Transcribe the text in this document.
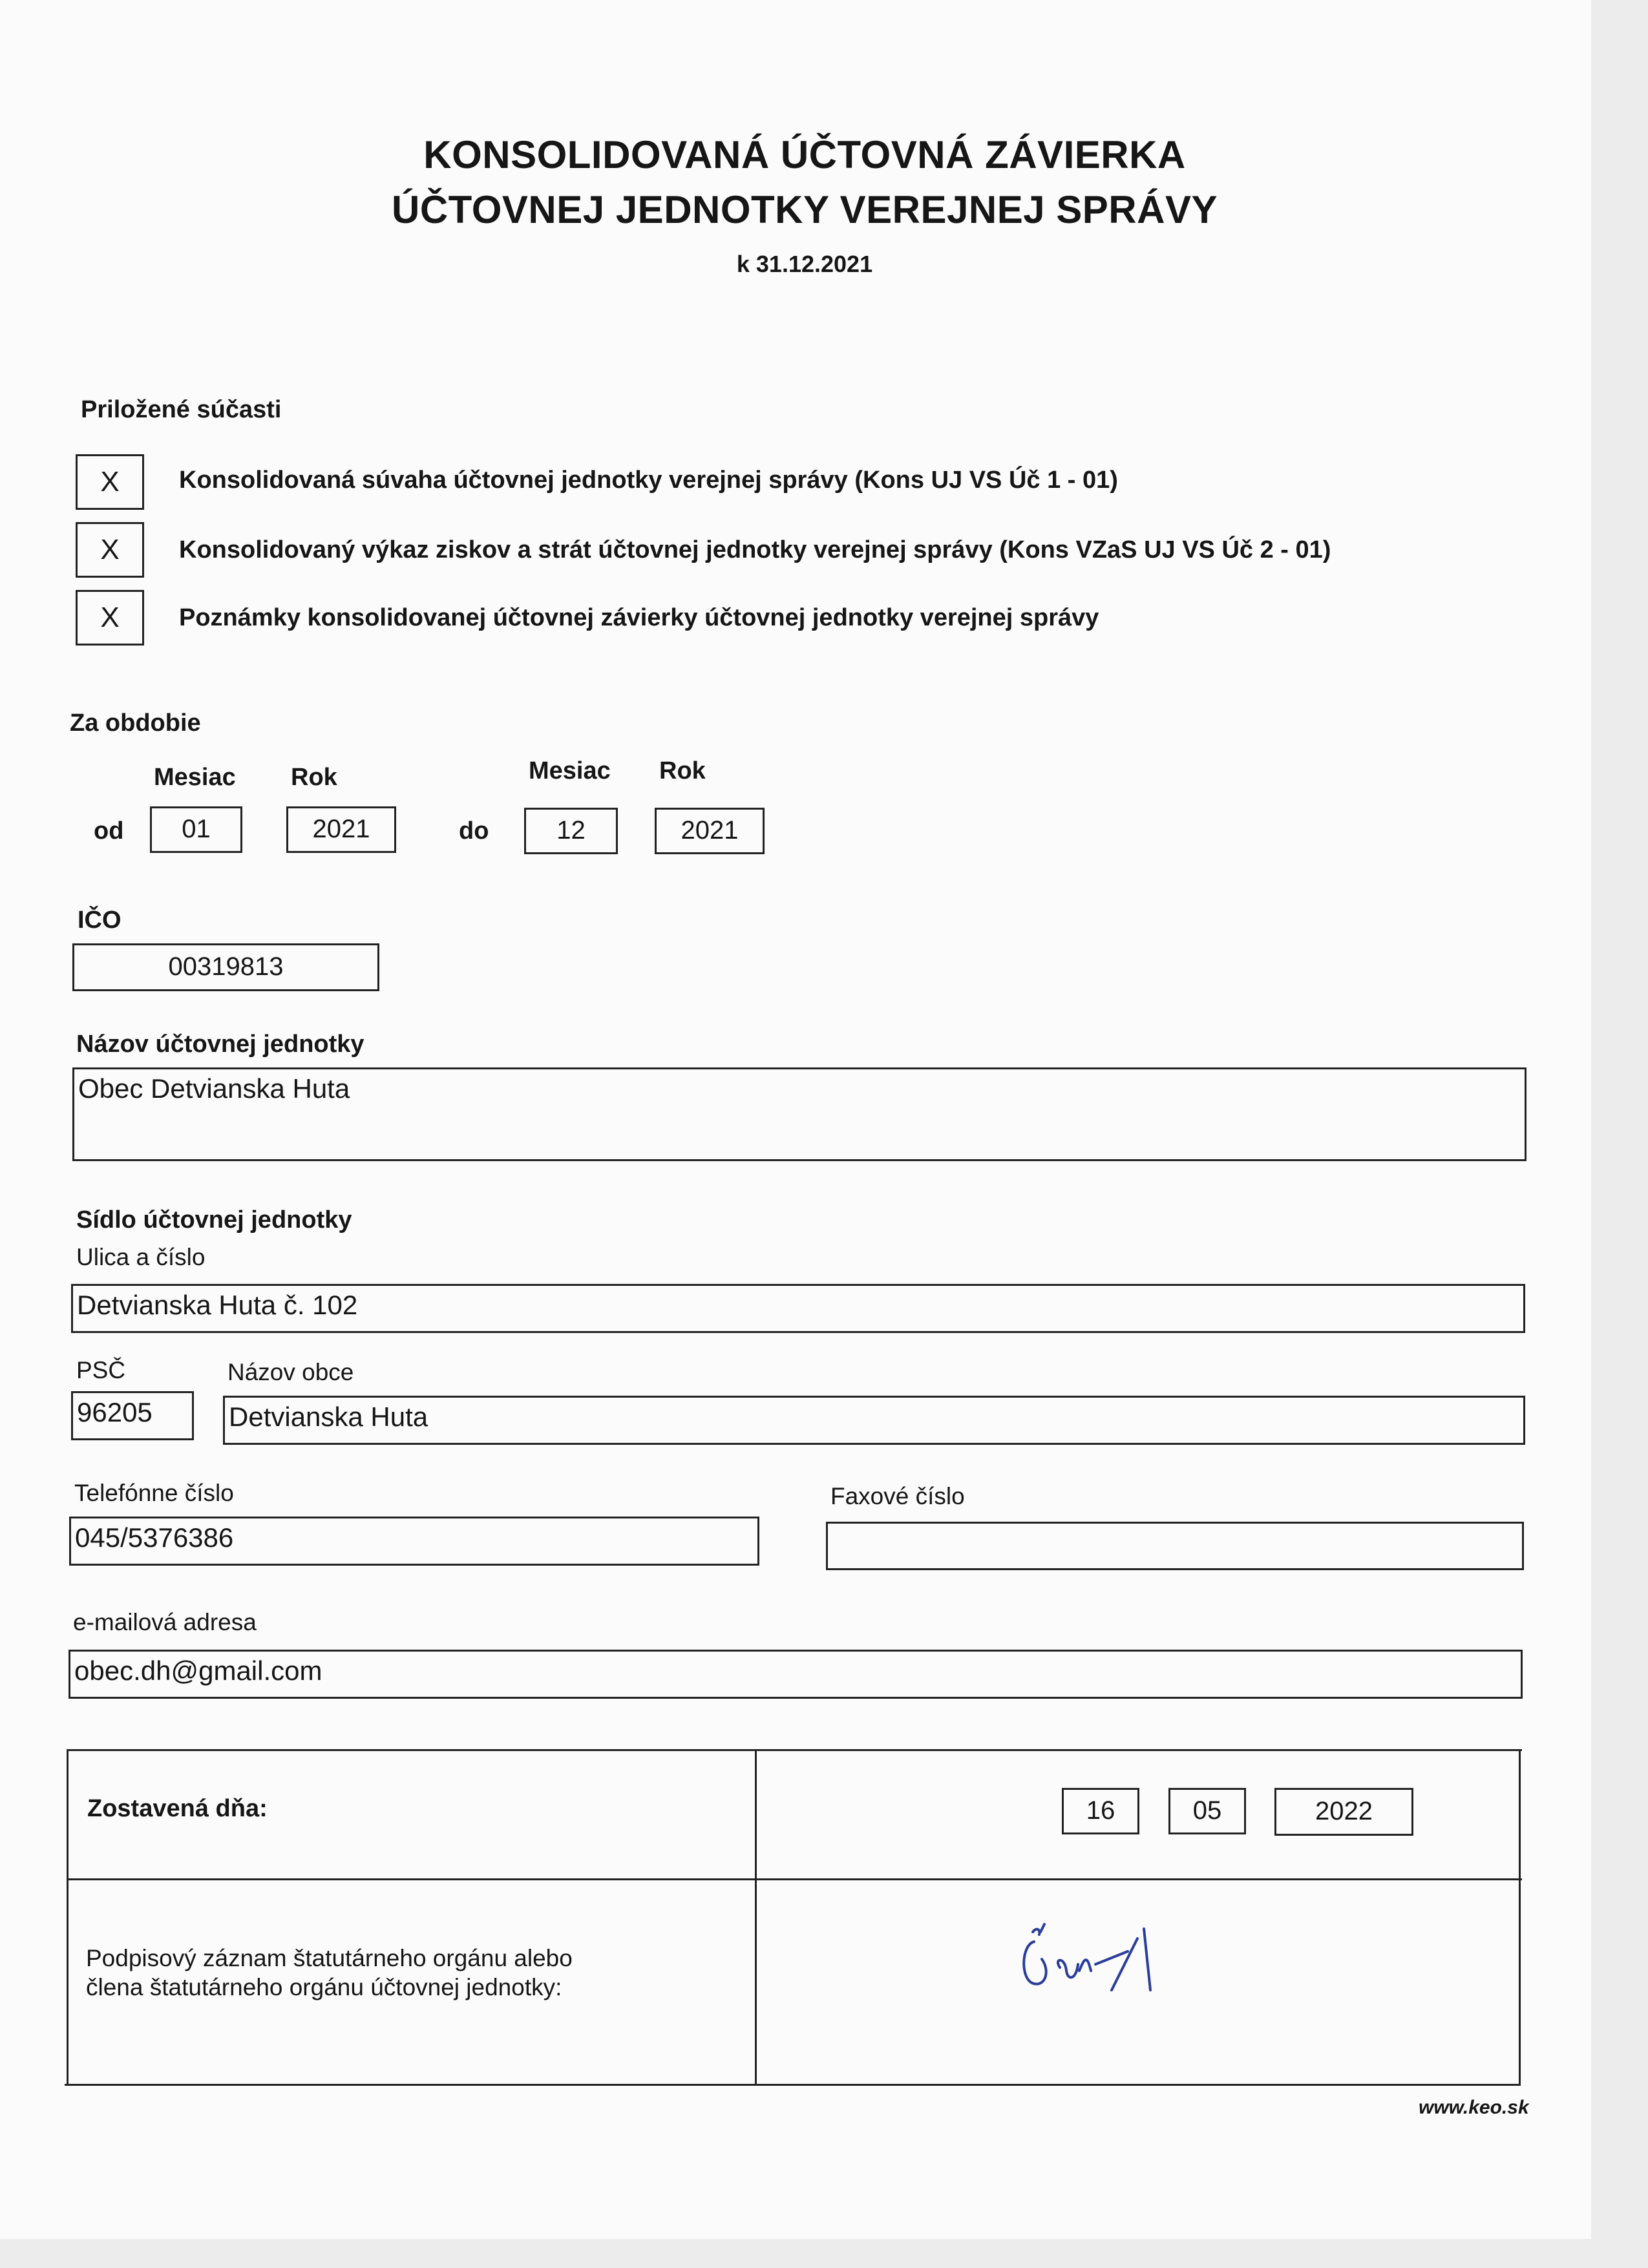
KONSOLIDOVANÁ ÚČTOVNÁ ZÁVIERKA
ÚČTOVNEJ JEDNOTKY VEREJNEJ SPRÁVY
k 31.12.2021
Priložené súčasti
X	Konsolidovaná súvaha účtovnej jednotky verejnej správy (Kons UJ VS Úč 1 - 01)
X	Konsolidovaný výkaz ziskov a strát účtovnej jednotky verejnej správy (Kons VZaS UJ VS Úč 2 - 01)
X	Poznámky konsolidovanej účtovnej závierky účtovnej jednotky verejnej správy
Za obdobie
Mesiac Rok	Mesiac Rok
od	01	2021	do	12	2021
IČO
00319813
Názov účtovnej jednotky
Obec Detvianska Huta
Sídlo účtovnej jednotky
Ulica a číslo
Detvianska Huta č. 102
PSČ	Názov obce
96205	Detvianska Huta
Telefónne číslo
045/5376386
Faxové číslo
e-mailová adresa
obec.dh@gmail.com
Zostavená dňa:	16	05	2022
Podpisový záznam štatutárneho orgánu alebo
člena štatutárneho orgánu účtovnej jednotky:
www.keo.sk
